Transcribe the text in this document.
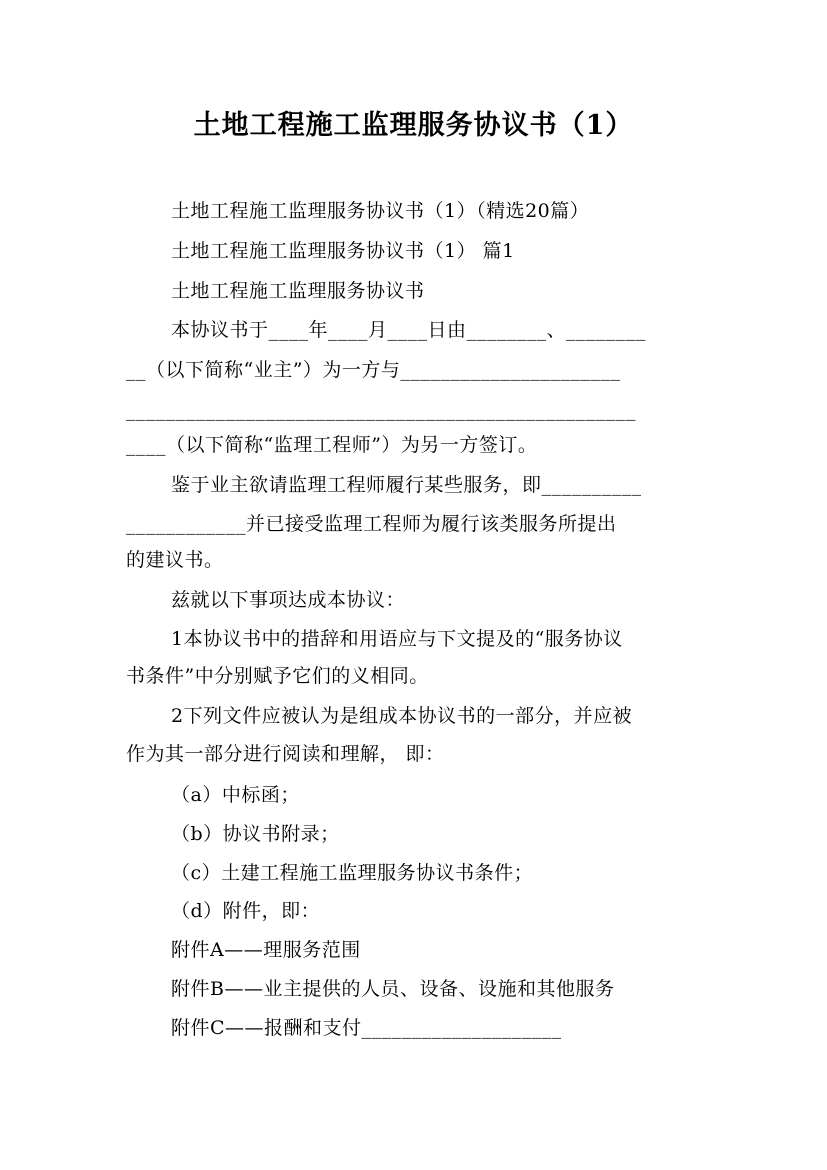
土地工程施工监理服务协议书（1）
土地工程施工监理服务协议书（1）（精选20篇）
土地工程施工监理服务协议书（1） 篇1
土地工程施工监理服务协议书
本协议书于____年____月____日由________、________
__（以下简称“业主”）为一方与______________________
___________________________________________________
____（以下简称“监理工程师”）为另一方签订。
鉴于业主欲请监理工程师履行某些服务，即__________
____________并已接受监理工程师为履行该类服务所提出
的建议书。
兹就以下事项达成本协议：
1本协议书中的措辞和用语应与下文提及的“服务协议
书条件”中分别赋予它们的义相同。
2下列文件应被认为是组成本协议书的一部分，并应被
作为其一部分进行阅读和理解， 即：
（a）中标函；
（b）协议书附录；
（c）土建工程施工监理服务协议书条件；
（d）附件，即：
附件A——理服务范围
附件B——业主提供的人员、设备、设施和其他服务
附件C——报酬和支付____________________
